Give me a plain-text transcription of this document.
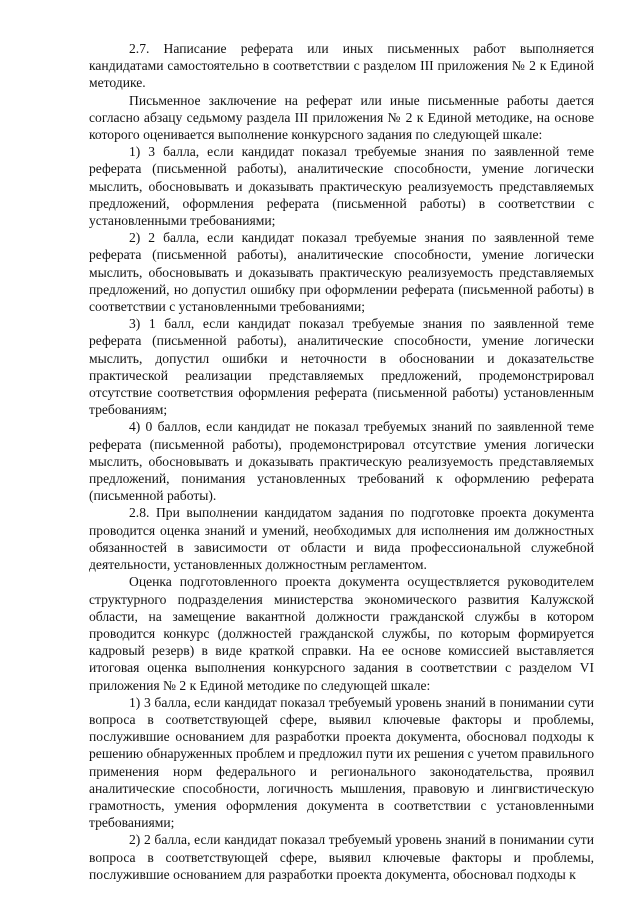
2.7. Написание реферата или иных письменных работ выполняется кандидатами самостоятельно в соответствии с разделом III приложения № 2 к Единой методике.

Письменное заключение на реферат или иные письменные работы дается согласно абзацу седьмому раздела III приложения № 2 к Единой методике, на основе которого оценивается выполнение конкурсного задания по следующей шкале:

1) 3 балла, если кандидат показал требуемые знания по заявленной теме реферата (письменной работы), аналитические способности, умение логически мыслить, обосновывать и доказывать практическую реализуемость представляемых предложений, оформления реферата (письменной работы) в соответствии с установленными требованиями;

2) 2 балла, если кандидат показал требуемые знания по заявленной теме реферата (письменной работы), аналитические способности, умение логически мыслить, обосновывать и доказывать практическую реализуемость представляемых предложений, но допустил ошибку при оформлении реферата (письменной работы) в соответствии с установленными требованиями;

3) 1 балл, если кандидат показал требуемые знания по заявленной теме реферата (письменной работы), аналитические способности, умение логически мыслить, допустил ошибки и неточности в обосновании и доказательстве практической реализации представляемых предложений, продемонстрировал отсутствие соответствия оформления реферата (письменной работы) установленным требованиям;

4) 0 баллов, если кандидат не показал требуемых знаний по заявленной теме реферата (письменной работы), продемонстрировал отсутствие умения логически мыслить, обосновывать и доказывать практическую реализуемость представляемых предложений, понимания установленных требований к оформлению реферата (письменной работы).

2.8. При выполнении кандидатом задания по подготовке проекта документа проводится оценка знаний и умений, необходимых для исполнения им должностных обязанностей в зависимости от области и вида профессиональной служебной деятельности, установленных должностным регламентом.

Оценка подготовленного проекта документа осуществляется руководителем структурного подразделения министерства экономического развития Калужской области, на замещение вакантной должности гражданской службы в котором проводится конкурс (должностей гражданской службы, по которым формируется кадровый резерв) в виде краткой справки. На ее основе комиссией выставляется итоговая оценка выполнения конкурсного задания в соответствии с разделом VI приложения № 2 к Единой методике по следующей шкале:

1) 3 балла, если кандидат показал требуемый уровень знаний в понимании сути вопроса в соответствующей сфере, выявил ключевые факторы и проблемы, послужившие основанием для разработки проекта документа, обосновал подходы к решению обнаруженных проблем и предложил пути их решения с учетом правильного применения норм федерального и регионального законодательства, проявил аналитические способности, логичность мышления, правовую и лингвистическую грамотность, умения оформления документа в соответствии с установленными требованиями;

2) 2 балла, если кандидат показал требуемый уровень знаний в понимании сути вопроса в соответствующей сфере, выявил ключевые факторы и проблемы, послужившие основанием для разработки проекта документа, обосновал подходы к
